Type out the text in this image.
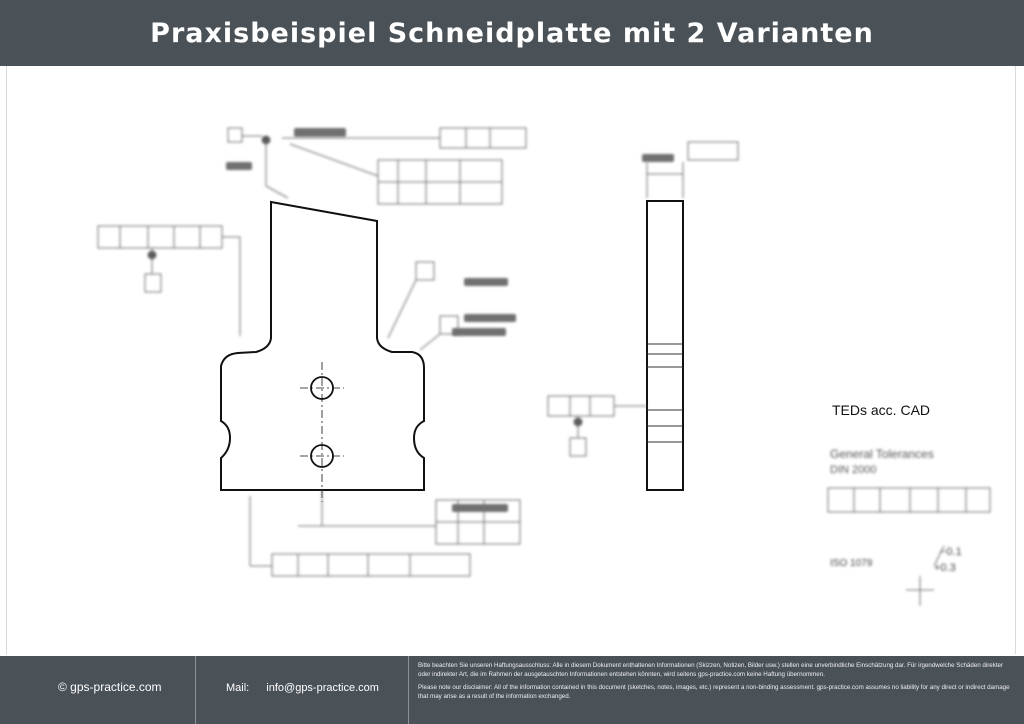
Praxisbeispiel Schneidplatte mit 2 Varianten
TEDs acc. CAD
General Tolerances
DIN 2000
ISO 1079
−0.1
+0.3
© gps-practice.com	Mail: info@gps-practice.com

Bitte beachten Sie unseren Haftungsausschluss: Alle in diesem Dokument enthaltenen Informationen (Skizzen, Notizen, Bilder usw.) stellen eine unverbindliche Einschätzung dar. Für irgendwelche Schäden direkter oder indirekter Art, die im Rahmen der ausgetauschten Informationen entstehen könnten, wird seitens gps-practice.com keine Haftung übernommen.

Please note our disclaimer: All of the information contained in this document (sketches, notes, images, etc.) represent a non-binding assessment. gps-practice.com assumes no liability for any direct or indirect damage that may arise as a result of the information exchanged.
